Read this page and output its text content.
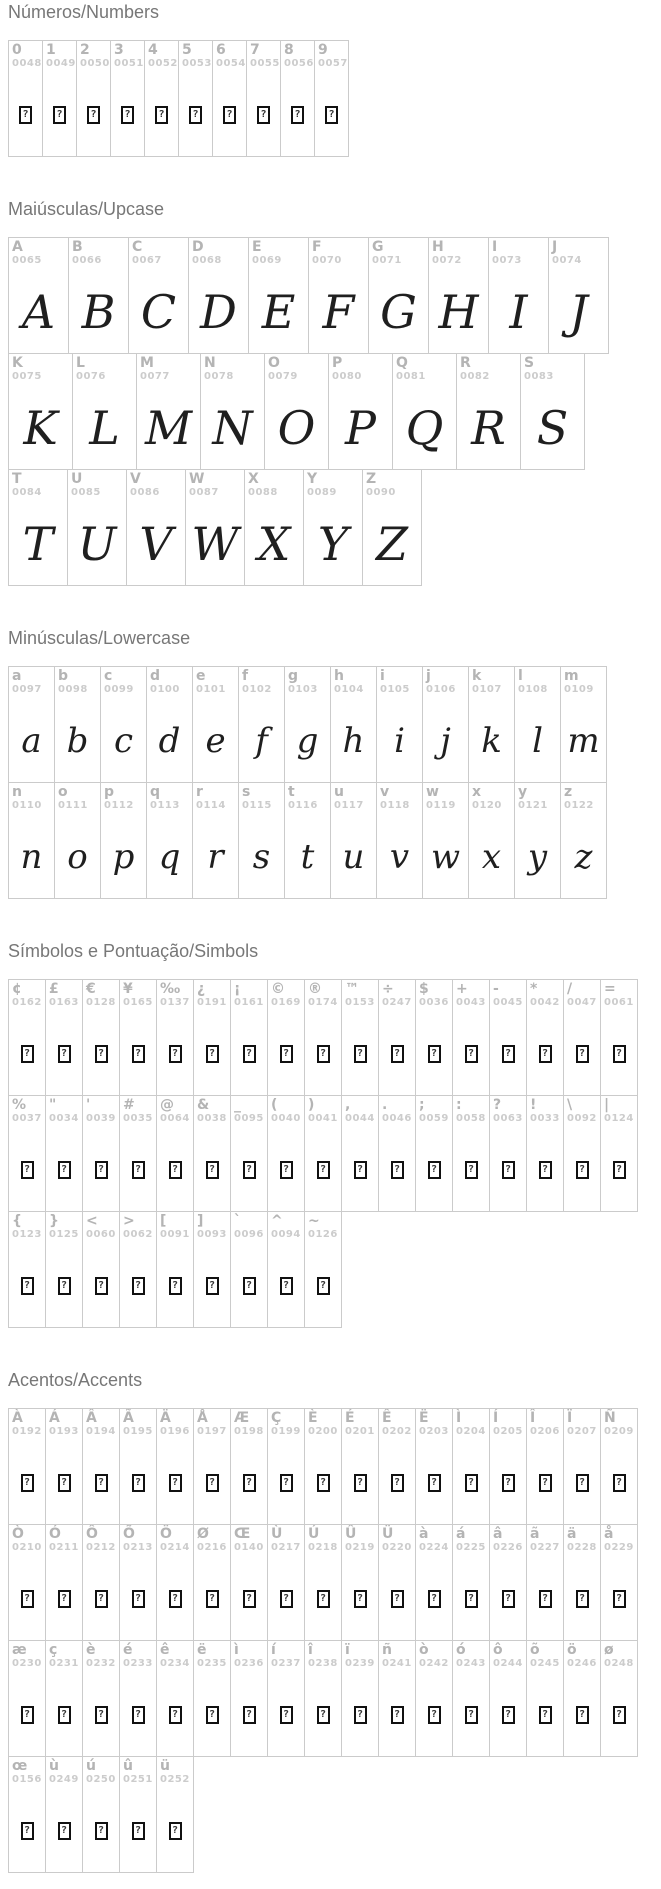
Números/Numbers
0
0048
?
1
0049
?
2
0050
?
3
0051
?
4
0052
?
5
0053
?
6
0054
?
7
0055
?
8
0056
?
9
0057
?
Maiúsculas/Upcase
A
0065
A
B
0066
B
C
0067
C
D
0068
D
E
0069
E
F
0070
F
G
0071
G
H
0072
H
I
0073
I
J
0074
J
K
0075
K
L
0076
L
M
0077
M
N
0078
N
O
0079
O
P
0080
P
Q
0081
Q
R
0082
R
S
0083
S
T
0084
T
U
0085
U
V
0086
V
W
0087
W
X
0088
X
Y
0089
Y
Z
0090
Z
Minúsculas/Lowercase
a
0097
a
b
0098
b
c
0099
c
d
0100
d
e
0101
e
f
0102
f
g
0103
g
h
0104
h
i
0105
i
j
0106
j
k
0107
k
l
0108
l
m
0109
m
n
0110
n
o
0111
o
p
0112
p
q
0113
q
r
0114
r
s
0115
s
t
0116
t
u
0117
u
v
0118
v
w
0119
w
x
0120
x
y
0121
y
z
0122
z
Símbolos e Pontuação/Simbols
¢
0162
?
£
0163
?
€
0128
?
¥
0165
?
‰
0137
?
¿
0191
?
¡
0161
?
©
0169
?
®
0174
?
™
0153
?
÷
0247
?
$
0036
?
+
0043
?
-
0045
?
*
0042
?
/
0047
?
=
0061
?
%
0037
?
"
0034
?
'
0039
?
#
0035
?
@
0064
?
&
0038
?
_
0095
?
(
0040
?
)
0041
?
,
0044
?
.
0046
?
;
0059
?
:
0058
?
?
0063
?
!
0033
?
\
0092
?
|
0124
?
{
0123
?
}
0125
?
<
0060
?
>
0062
?
[
0091
?
]
0093
?
`
0096
?
^
0094
?
~
0126
?
Acentos/Accents
À
0192
?
Á
0193
?
Â
0194
?
Ã
0195
?
Ä
0196
?
Å
0197
?
Æ
0198
?
Ç
0199
?
È
0200
?
É
0201
?
Ê
0202
?
Ë
0203
?
Ì
0204
?
Í
0205
?
Î
0206
?
Ï
0207
?
Ñ
0209
?
Ò
0210
?
Ó
0211
?
Ô
0212
?
Õ
0213
?
Ö
0214
?
Ø
0216
?
Œ
0140
?
Ù
0217
?
Ú
0218
?
Û
0219
?
Ü
0220
?
à
0224
?
á
0225
?
â
0226
?
ã
0227
?
ä
0228
?
å
0229
?
æ
0230
?
ç
0231
?
è
0232
?
é
0233
?
ê
0234
?
ë
0235
?
ì
0236
?
í
0237
?
î
0238
?
ï
0239
?
ñ
0241
?
ò
0242
?
ó
0243
?
ô
0244
?
õ
0245
?
ö
0246
?
ø
0248
?
œ
0156
?
ù
0249
?
ú
0250
?
û
0251
?
ü
0252
?
